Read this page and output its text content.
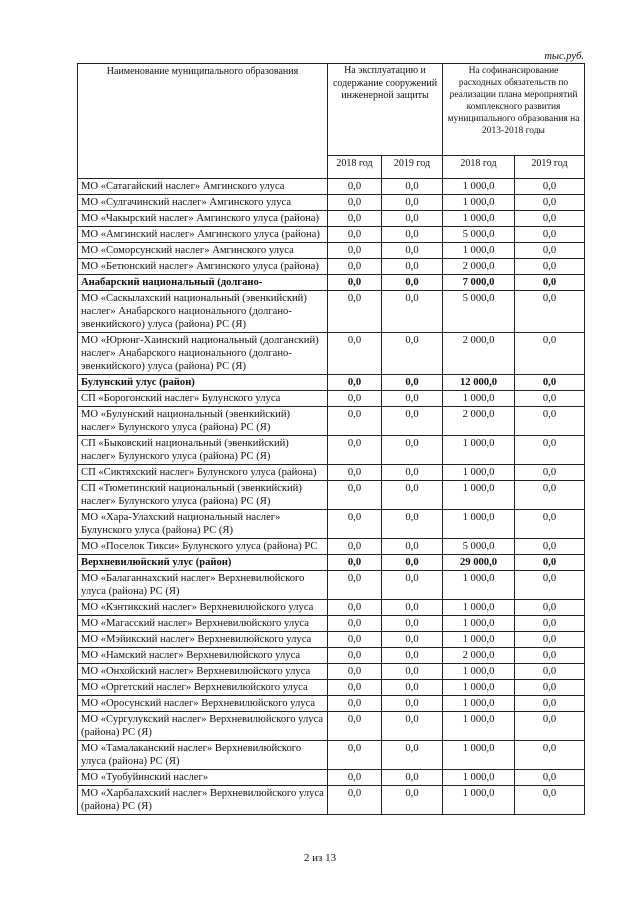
тыс.руб.
Наименование муниципального образования	На эксплуатацию и содержание сооружений инженерной защиты		На софинансирование расходных обязательств по реализации плана мероприятий комплексного развития муниципального образования на 2013-2018 годы	
	2018 год	2019 год	2018 год	2019 год
МО «Сатагайский наслег» Амгинского улуса	0,0	0,0	1 000,0	0,0
МО «Сулгачинский наслег» Амгинского улуса	0,0	0,0	1 000,0	0,0
МО «Чакырский наслег» Амгинского улуса (района)	0,0	0,0	1 000,0	0,0
МО «Амгинский наслег» Амгинского улуса (района)	0,0	0,0	5 000,0	0,0
МО «Соморсунский наслег» Амгинского улуса	0,0	0,0	1 000,0	0,0
МО «Бетюнский наслег» Амгинского улуса (района)	0,0	0,0	2 000,0	0,0
Анабарский национальный (долгано-	0,0	0,0	7 000,0	0,0
МО «Саскылахский национальный (эвенкийский) наслег» Анабарского национального (долгано-эвенкийского) улуса (района) РС (Я)	0,0	0,0	5 000,0	0,0
МО «Юрюнг-Хаинский национальный (долганский) наслег» Анабарского национального (долгано-эвенкийского) улуса (района) РС (Я)	0,0	0,0	2 000,0	0,0
Булунский улус (район)	0,0	0,0	12 000,0	0,0
СП «Борогонский наслег» Булунского улуса	0,0	0,0	1 000,0	0,0
МО «Булунский национальный (эвенкийский) наслег» Булунского улуса (района) РС (Я)	0,0	0,0	2 000,0	0,0
СП «Быковский национальный (эвенкийский) наслег» Булунского улуса (района) РС (Я)	0,0	0,0	1 000,0	0,0
СП «Сиктяхский наслег» Булунского улуса (района)	0,0	0,0	1 000,0	0,0
СП «Тюметинский национальный (эвенкийский) наслег» Булунского улуса (района) РС (Я)	0,0	0,0	1 000,0	0,0
МО «Хара-Улахский национальный наслег» Булунского улуса (района) РС (Я)	0,0	0,0	1 000,0	0,0
МО «Поселок Тикси» Булунского улуса (района) РС	0,0	0,0	5 000,0	0,0
Верхневилюйский улус (район)	0,0	0,0	29 000,0	0,0
МО «Балаганнахский наслег» Верхневилюйского улуса (района) РС (Я)	0,0	0,0	1 000,0	0,0
МО «Кэнтикский наслег» Верхневилюйского улуса	0,0	0,0	1 000,0	0,0
МО «Магасский наслег» Верхневилюйского улуса	0,0	0,0	1 000,0	0,0
МО «Мэйикский наслег» Верхневилюйского улуса	0,0	0,0	1 000,0	0,0
МО «Намский наслег» Верхневилюйского улуса	0,0	0,0	2 000,0	0,0
МО «Онхойский наслег» Верхневилюйского улуса	0,0	0,0	1 000,0	0,0
МО «Оргетский наслег» Верхневилюйского улуса	0,0	0,0	1 000,0	0,0
МО «Оросунский наслег» Верхневилюйского улуса	0,0	0,0	1 000,0	0,0
МО «Сургулукский наслег» Верхневилюйского улуса (района) РС (Я)	0,0	0,0	1 000,0	0,0
МО «Тамалаканский наслег» Верхневилюйского улуса (района) РС (Я)	0,0	0,0	1 000,0	0,0
МО «Туобуйинский наслег»	0,0	0,0	1 000,0	0,0
МО «Харбалахский наслег» Верхневилюйского улуса (района) РС (Я)	0,0	0,0	1 000,0	0,0
2 из 13
